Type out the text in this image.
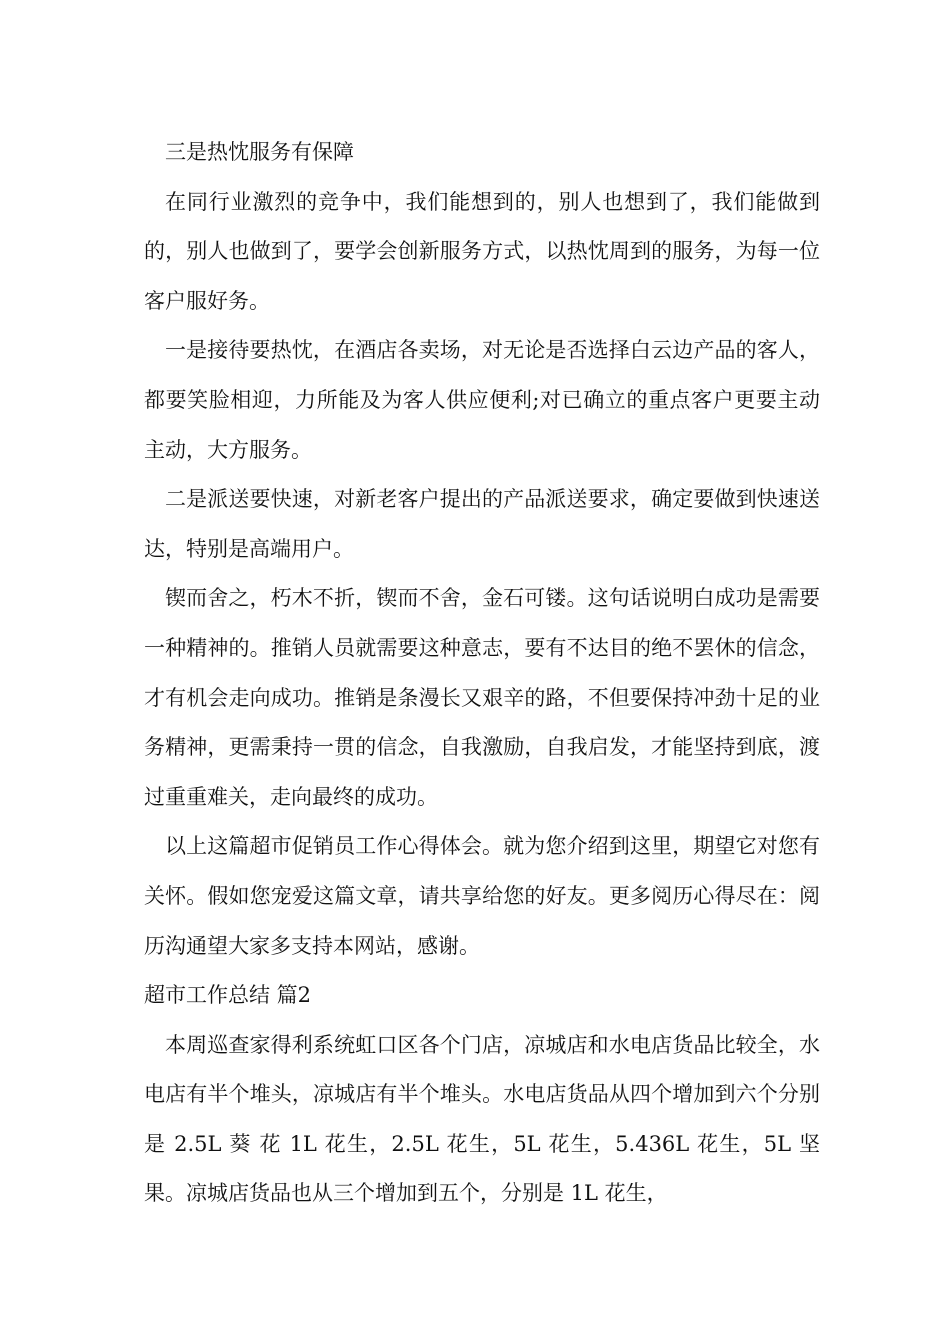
三是热忱服务有保障

在同行业激烈的竞争中，我们能想到的，别人也想到了，我们能做到的，别人也做到了，要学会创新服务方式，以热忱周到的服务，为每一位客户服好务。

一是接待要热忱，在酒店各卖场，对无论是否选择白云边产品的客人，都要笑脸相迎，力所能及为客人供应便利;对已确立的重点客户更要主动主动，大方服务。

二是派送要快速，对新老客户提出的产品派送要求，确定要做到快速送达，特别是高端用户。

锲而舍之，朽木不折，锲而不舍，金石可镂。这句话说明白成功是需要一种精神的。推销人员就需要这种意志，要有不达目的绝不罢休的信念，才有机会走向成功。推销是条漫长又艰辛的路，不但要保持冲劲十足的业务精神，更需秉持一贯的信念，自我激励，自我启发，才能坚持到底，渡过重重难关，走向最终的成功。

以上这篇超市促销员工作心得体会。就为您介绍到这里，期望它对您有关怀。假如您宠爱这篇文章，请共享给您的好友。更多阅历心得尽在：阅历沟通望大家多支持本网站，感谢。

超市工作总结 篇2

本周巡查家得利系统虹口区各个门店，凉城店和水电店货品比较全，水电店有半个堆头，凉城店有半个堆头。水电店货品从四个增加到六个分别是 2.5L 葵 花 1L 花生，2.5L 花生，5L 花生，5.436L 花生，5L 坚果。凉城店货品也从三个增加到五个，分别是 1L 花生，
